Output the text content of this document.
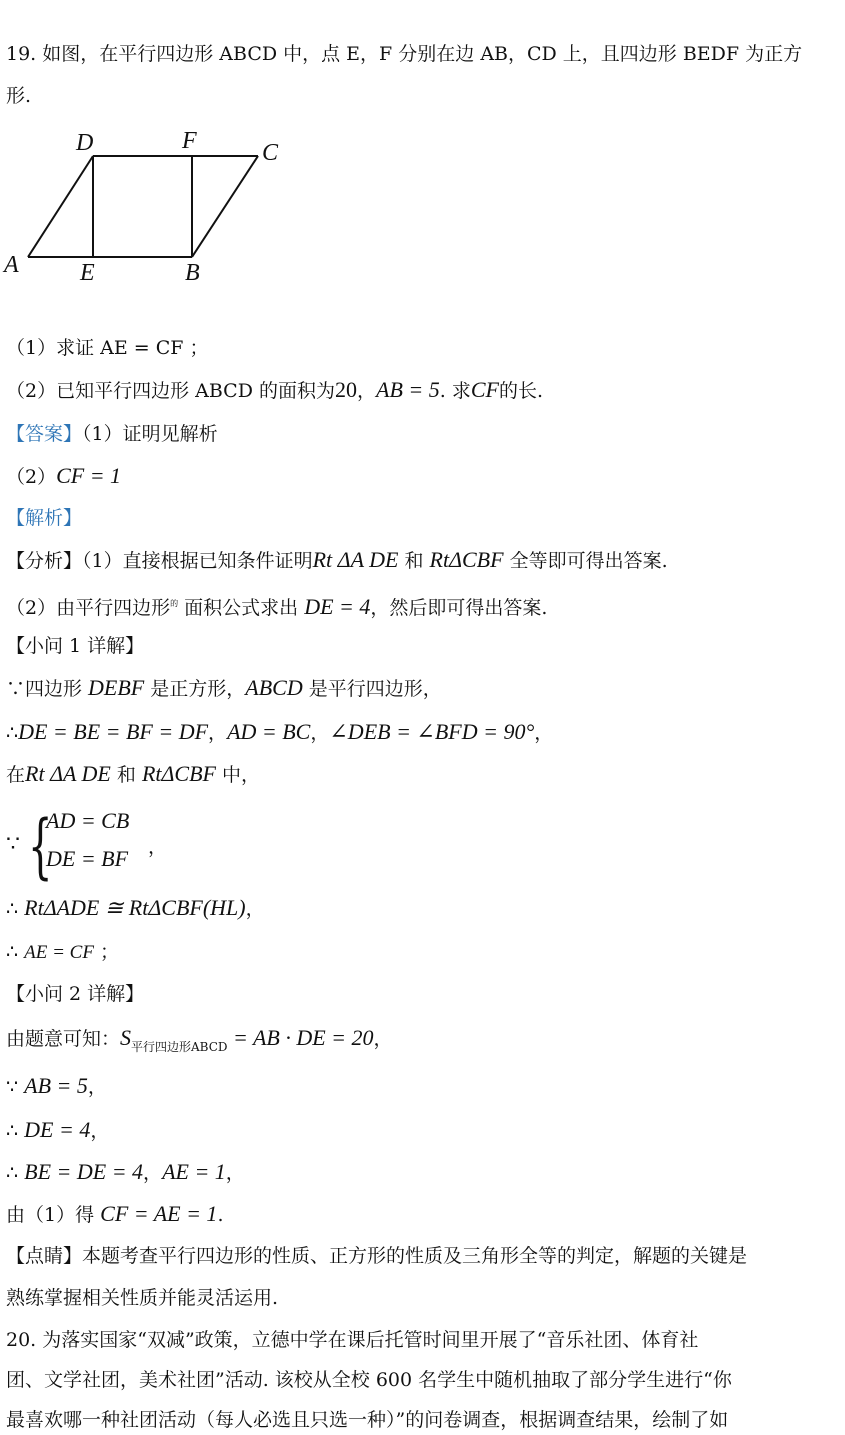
19. 如图，在平行四边形 ABCD 中，点 E，F 分别在边 AB，CD 上，且四边形 BEDF 为正方
形.
D	F	C
A	E	B
（1）求证 AE = CF ；
（2）已知平行四边形 ABCD 的面积为20，AB = 5. 求CF的长.
【答案】（1）证明见解析
（2）CF = 1
【解析】
【分析】（1）直接根据已知条件证明Rt ΔA DE 和 RtΔCBF 全等即可得出答案.
（2）由平行四边形$^的$ 面积公式求出 DE = 4，然后即可得出答案.
【小问 1 详解】
∵四边形 DEBF 是正方形，ABCD 是平行四边形，
∴DE = BE = BF = DF，AD = BC，∠DEB = ∠BFD = 90°，
在Rt ΔA DE 和 RtΔCBF 中，
∵ {
AD = CB
DE = BF ，
∴ RtΔADE ≅ RtΔCBF(HL)，
∴ AE = CF ；
【小问 2 详解】
由题意可知：$S_{平行四边形ABCD}$ = AB · DE = 20，
∵ AB = 5，
∴ DE = 4，
∴ BE = DE = 4，AE = 1，
由（1）得 CF = AE = 1.
【点睛】本题考查平行四边形的性质、正方形的性质及三角形全等的判定，解题的关键是
熟练掌握相关性质并能灵活运用.
20. 为落实国家“双减”政策，立德中学在课后托管时间里开展了“音乐社团、体育社
团、文学社团，美术社团”活动. 该校从全校 600 名学生中随机抽取了部分学生进行“你
最喜欢哪一种社团活动（每人必选且只选一种）”的问卷调查，根据调查结果，绘制了如
